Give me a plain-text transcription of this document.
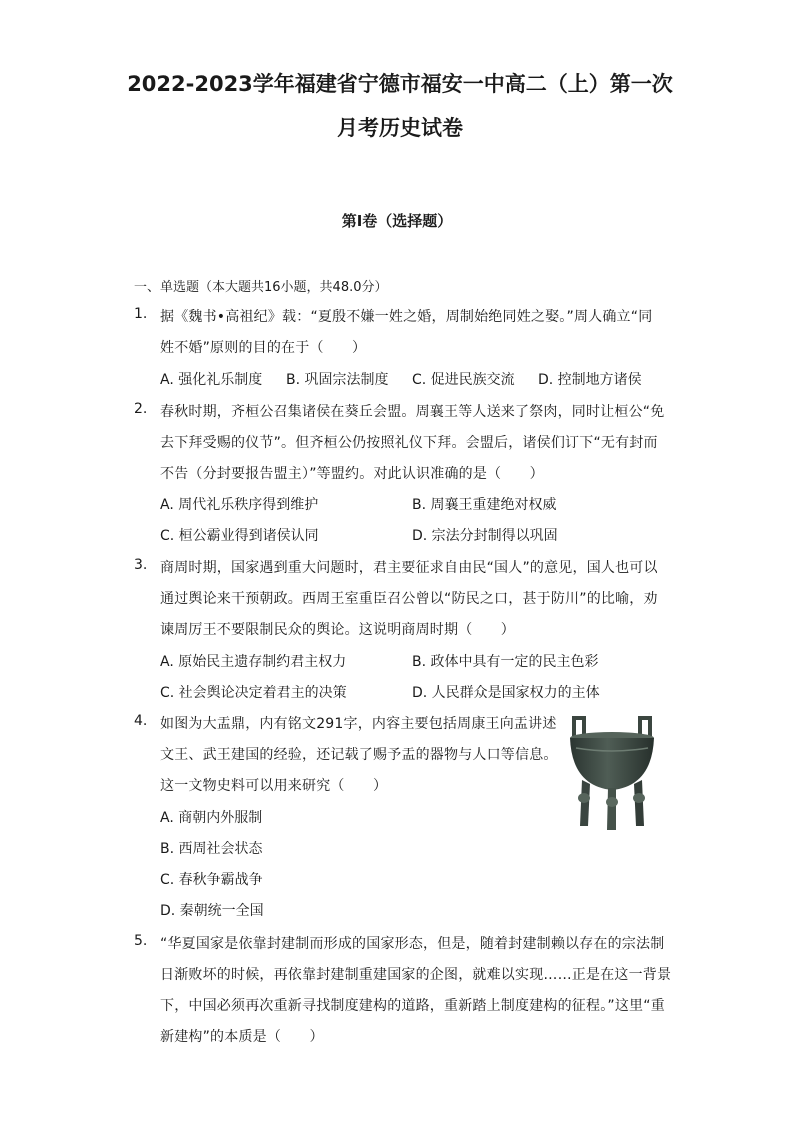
2022-2023学年福建省宁德市福安一中高二（上）第一次
月考历史试卷
第I卷（选择题）
一、单选题（本大题共16小题，共48.0分）
1. 据《魏书•高祖纪》载：“夏殷不嫌一姓之婚，周制始绝同姓之娶。”周人确立“同
姓不婚”原则的目的在于（　　）
A. 强化礼乐制度 B. 巩固宗法制度 C. 促进民族交流 D. 控制地方诸侯
2. 春秋时期，齐桓公召集诸侯在葵丘会盟。周襄王等人送来了祭肉，同时让桓公“免
去下拜受赐的仪节”。但齐桓公仍按照礼仪下拜。会盟后，诸侯们订下“无有封而
不告（分封要报告盟主）”等盟约。对此认识准确的是（　　）
A. 周代礼乐秩序得到维护	B. 周襄王重建绝对权威
C. 桓公霸业得到诸侯认同	D. 宗法分封制得以巩固
3. 商周时期，国家遇到重大问题时，君主要征求自由民“国人”的意见，国人也可以
通过舆论来干预朝政。西周王室重臣召公曾以“防民之口，甚于防川”的比喻，劝
谏周厉王不要限制民众的舆论。这说明商周时期（　　）
A. 原始民主遗存制约君主权力	B. 政体中具有一定的民主色彩
C. 社会舆论决定着君主的决策	D. 人民群众是国家权力的主体
4. 如图为大盂鼎，内有铭文291字，内容主要包括周康王向盂讲述
文王、武王建国的经验，还记载了赐予盂的器物与人口等信息。
这一文物史料可以用来研究（　　）
A. 商朝内外服制
B. 西周社会状态
C. 春秋争霸战争
D. 秦朝统一全国
5. “华夏国家是依靠封建制而形成的国家形态，但是，随着封建制赖以存在的宗法制
日渐败坏的时候，再依靠封建制重建国家的企图，就难以实现……正是在这一背景
下，中国必须再次重新寻找制度建构的道路，重新踏上制度建构的征程。”这里“重
新建构”的本质是（　　）
